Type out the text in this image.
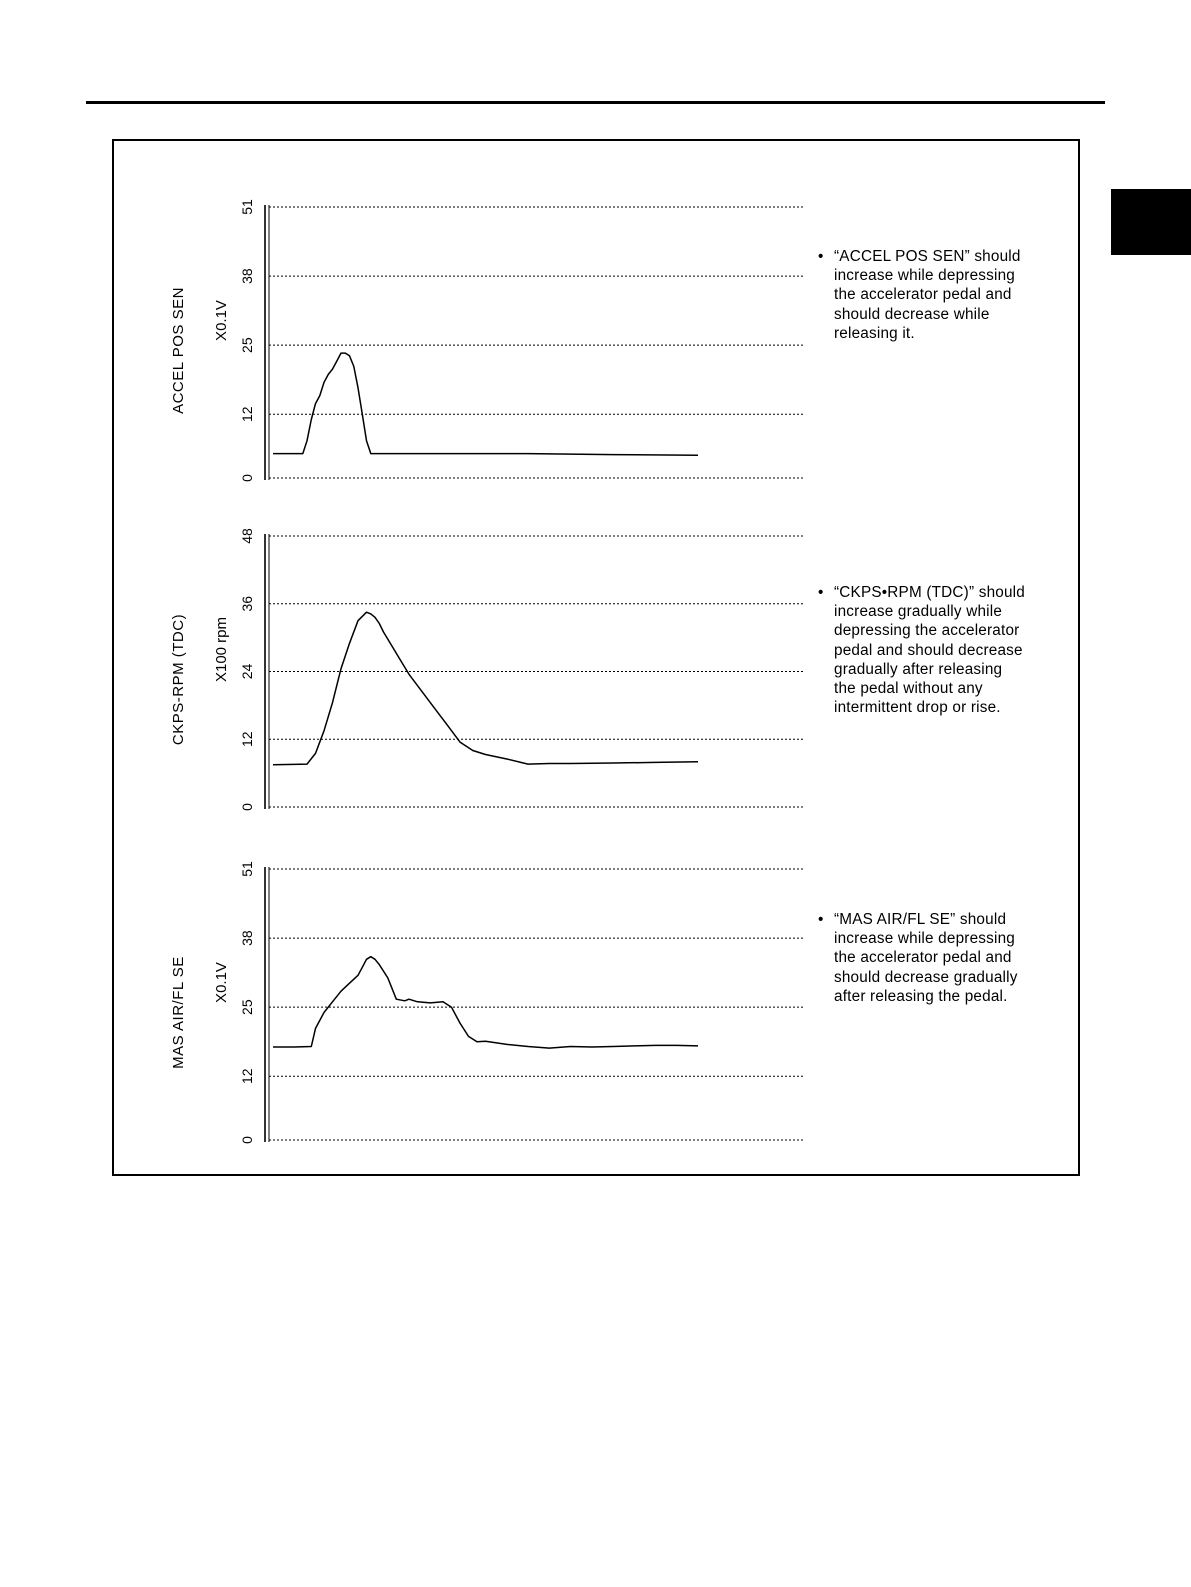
0
12
25
38
51
X0.1V
ACCEL POS SEN
0
12
24
36
48
X100 rpm
CKPS-RPM (TDC)
0
12
25
38
51
X0.1V
MAS AIR/FL SE
• “ACCEL POS SEN” should
increase while depressing
the accelerator pedal and
should decrease while
releasing it.
• “CKPS•RPM (TDC)” should
increase gradually while
depressing the accelerator
pedal and should decrease
gradually after releasing
the pedal without any
intermittent drop or rise.
• “MAS AIR/FL SE” should
increase while depressing
the accelerator pedal and
should decrease gradually
after releasing the pedal.
